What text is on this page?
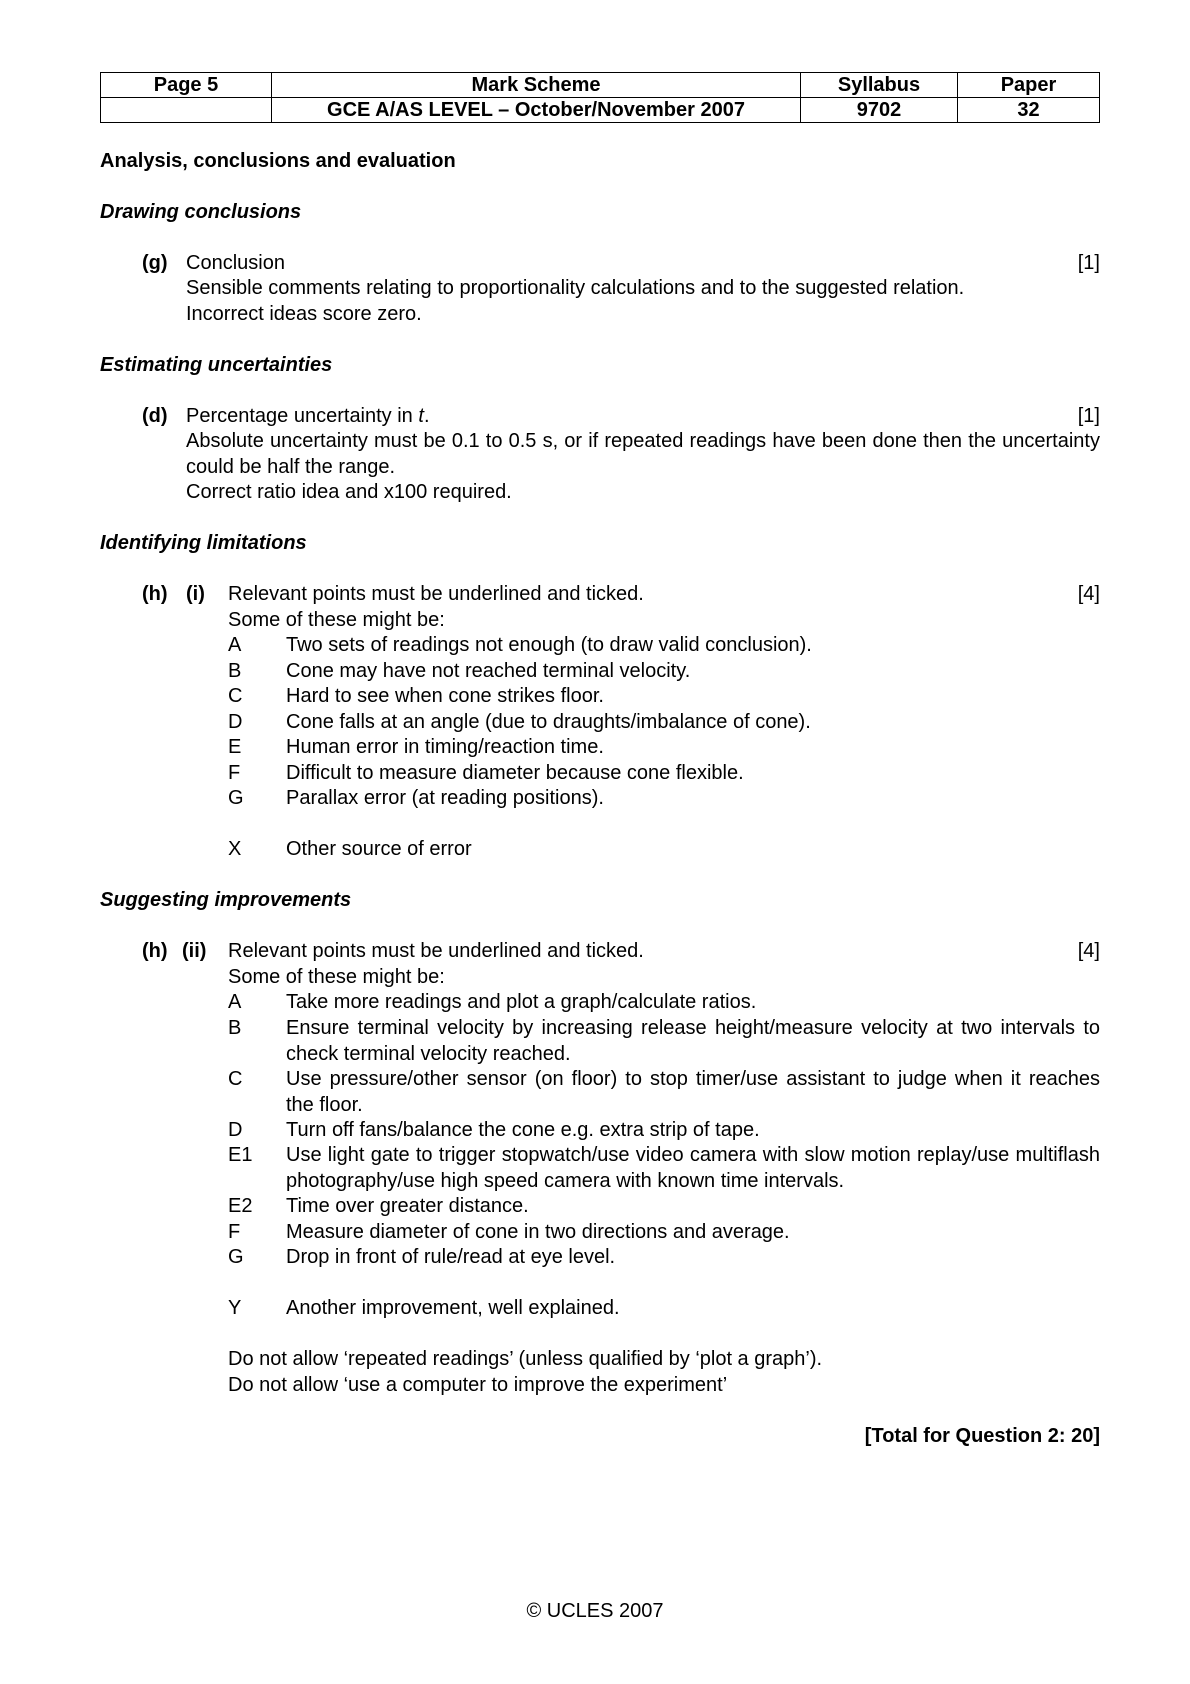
Page 5	Mark Scheme	Syllabus	Paper
	GCE A/AS LEVEL – October/November 2007	9702	32
Analysis, conclusions and evaluation
Drawing conclusions
(g) Conclusion	[1]
Sensible comments relating to proportionality calculations and to the suggested relation.
Incorrect ideas score zero.
Estimating uncertainties
(d) Percentage uncertainty in t.	[1]
Absolute uncertainty must be 0.1 to 0.5 s, or if repeated readings have been done then the uncertainty could be half the range.
Correct ratio idea and x100 required.
Identifying limitations
(h) (i) Relevant points must be underlined and ticked.	[4]
Some of these might be:
A Two sets of readings not enough (to draw valid conclusion).
B Cone may have not reached terminal velocity.
C Hard to see when cone strikes floor.
D Cone falls at an angle (due to draughts/imbalance of cone).
E Human error in timing/reaction time.
F Difficult to measure diameter because cone flexible.
G Parallax error (at reading positions).
X Other source of error
Suggesting improvements
(h) (ii) Relevant points must be underlined and ticked.	[4]
Some of these might be:
A Take more readings and plot a graph/calculate ratios.
B Ensure terminal velocity by increasing release height/measure velocity at two intervals to check terminal velocity reached.
C Use pressure/other sensor (on floor) to stop timer/use assistant to judge when it reaches the floor.
D Turn off fans/balance the cone e.g. extra strip of tape.
E1 Use light gate to trigger stopwatch/use video camera with slow motion replay/use multiflash photography/use high speed camera with known time intervals.
E2 Time over greater distance.
F Measure diameter of cone in two directions and average.
G Drop in front of rule/read at eye level.
Y Another improvement, well explained.
Do not allow ‘repeated readings’ (unless qualified by ‘plot a graph’).
Do not allow ‘use a computer to improve the experiment’
[Total for Question 2: 20]
© UCLES 2007
